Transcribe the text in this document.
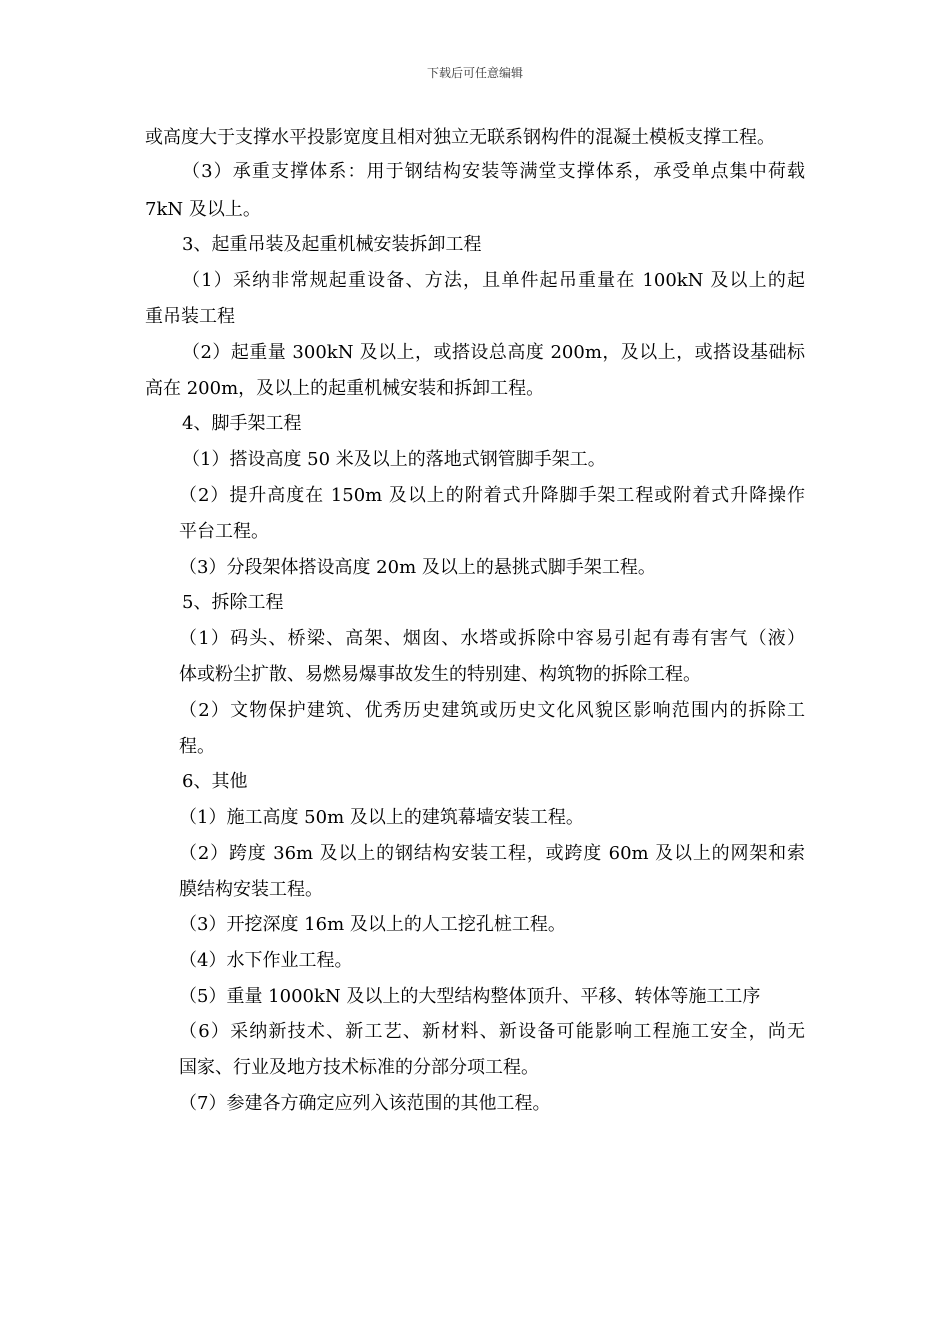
下载后可任意编辑
或高度大于支撑水平投影宽度且相对独立无联系钢构件的混凝土模板支撑工程。
（3）承重支撑体系：用于钢结构安装等满堂支撑体系，承受单点集中荷载
7kN 及以上。
3、起重吊装及起重机械安装拆卸工程
（1）采纳非常规起重设备、方法，且单件起吊重量在 100kN 及以上的起
重吊装工程
（2）起重量 300kN 及以上，或搭设总高度 200m，及以上，或搭设基础标
高在 200m，及以上的起重机械安装和拆卸工程。
4、脚手架工程
（1）搭设高度 50 米及以上的落地式钢管脚手架工。
（2）提升高度在 150m 及以上的附着式升降脚手架工程或附着式升降操作
平台工程。
（3）分段架体搭设高度 20m 及以上的悬挑式脚手架工程。
5、拆除工程
（1）码头、桥梁、高架、烟囱、水塔或拆除中容易引起有毒有害气（液）
体或粉尘扩散、易燃易爆事故发生的特别建、构筑物的拆除工程。
（2）文物保护建筑、优秀历史建筑或历史文化风貌区影响范围内的拆除工
程。
6、其他
（1）施工高度 50m 及以上的建筑幕墙安装工程。
（2）跨度 36m 及以上的钢结构安装工程，或跨度 60m 及以上的网架和索
膜结构安装工程。
（3）开挖深度 16m 及以上的人工挖孔桩工程。
（4）水下作业工程。
（5）重量 1000kN 及以上的大型结构整体顶升、平移、转体等施工工序
（6）采纳新技术、新工艺、新材料、新设备可能影响工程施工安全，尚无
国家、行业及地方技术标准的分部分项工程。
（7）参建各方确定应列入该范围的其他工程。
